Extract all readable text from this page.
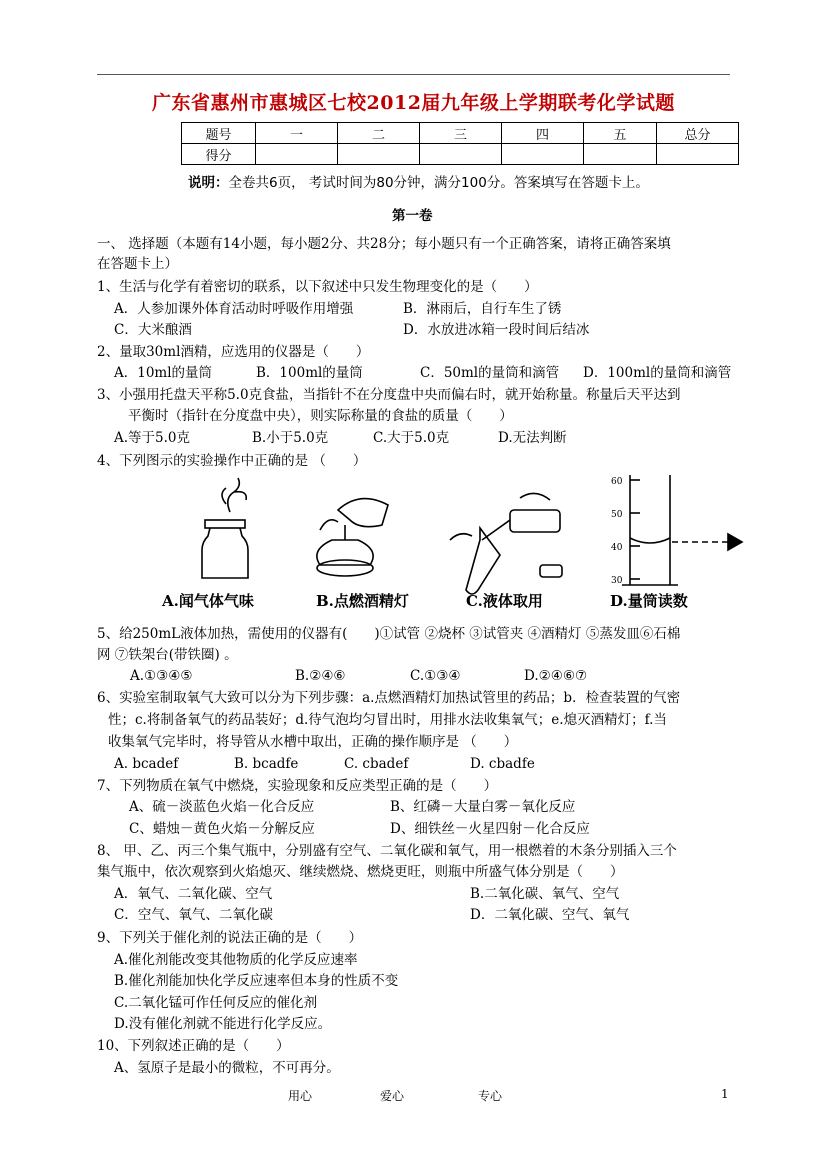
广东省惠州市惠城区七校2012届九年级上学期联考化学试题
题号	一	二	三	四	五	总分
得分						
说明：全卷共6页， 考试时间为80分钟，满分100分。答案填写在答题卡上。
第一卷
一、 选择题（本题有14小题，每小题2分、共28分；每小题只有一个正确答案，请将正确答案填
在答题卡上）
1、生活与化学有着密切的联系，以下叙述中只发生物理变化的是（　　）
A．人参加课外体育活动时呼吸作用增强	B．淋雨后，自行车生了锈
C．大米酿酒	D．水放进冰箱一段时间后结冰
2、量取30ml酒精，应选用的仪器是（　　）
A．10ml的量筒	B．100ml的量筒	C．50ml的量筒和滴管 D．100ml的量筒和滴管
3、小强用托盘天平称5.0克食盐，当指针不在分度盘中央而偏右时，就开始称量。称量后天平达到
平衡时（指针在分度盘中央），则实际称量的食盐的质量（　　）
A.等于5.0克	B.小于5.0克	C.大于5.0克	D.无法判断
4、下列图示的实验操作中正确的是 （　　）
60
50
40
30
A.闻气体气味	B.点燃酒精灯	C.液体取用	D.量筒读数
5、给250mL液体加热，需使用的仪器有(　　)①试管 ②烧杯 ③试管夹 ④酒精灯 ⑤蒸发皿⑥石棉
网 ⑦铁架台(带铁圈) 。
A.①③④⑤	B.②④⑥	C.①③④	D.②④⑥⑦
6、实验室制取氧气大致可以分为下列步骤：a.点燃酒精灯加热试管里的药品；b．检查装置的气密
性；c.将制备氧气的药品装好；d.待气泡均匀冒出时，用排水法收集氧气；e.熄灭酒精灯；f.当
收集氧气完毕时，将导管从水槽中取出，正确的操作顺序是 （　　）
A. bcadef	B. bcadfe	C. cbadef	D. cbadfe
7、下列物质在氧气中燃烧，实验现象和反应类型正确的是（　　）
A、硫－淡蓝色火焰－化合反应	B、红磷－大量白雾－氧化反应
C、蜡烛－黄色火焰－分解反应	D、细铁丝－火星四射－化合反应
8、 甲、乙、丙三个集气瓶中，分别盛有空气、二氧化碳和氧气，用一根燃着的木条分别插入三个
集气瓶中，依次观察到火焰熄灭、继续燃烧、燃烧更旺，则瓶中所盛气体分别是（　　）
A．氧气、二氧化碳、空气	B.二氧化碳、氧气、空气
C．空气、氧气、二氧化碳	D．二氧化碳、空气、氧气
9、下列关于催化剂的说法正确的是（　　）
A.催化剂能改变其他物质的化学反应速率
B.催化剂能加快化学反应速率但本身的性质不变
C.二氧化锰可作任何反应的催化剂
D.没有催化剂就不能进行化学反应。
10、下列叙述正确的是（　　）
A、氢原子是最小的微粒，不可再分。
用心	爱心	专心	1
